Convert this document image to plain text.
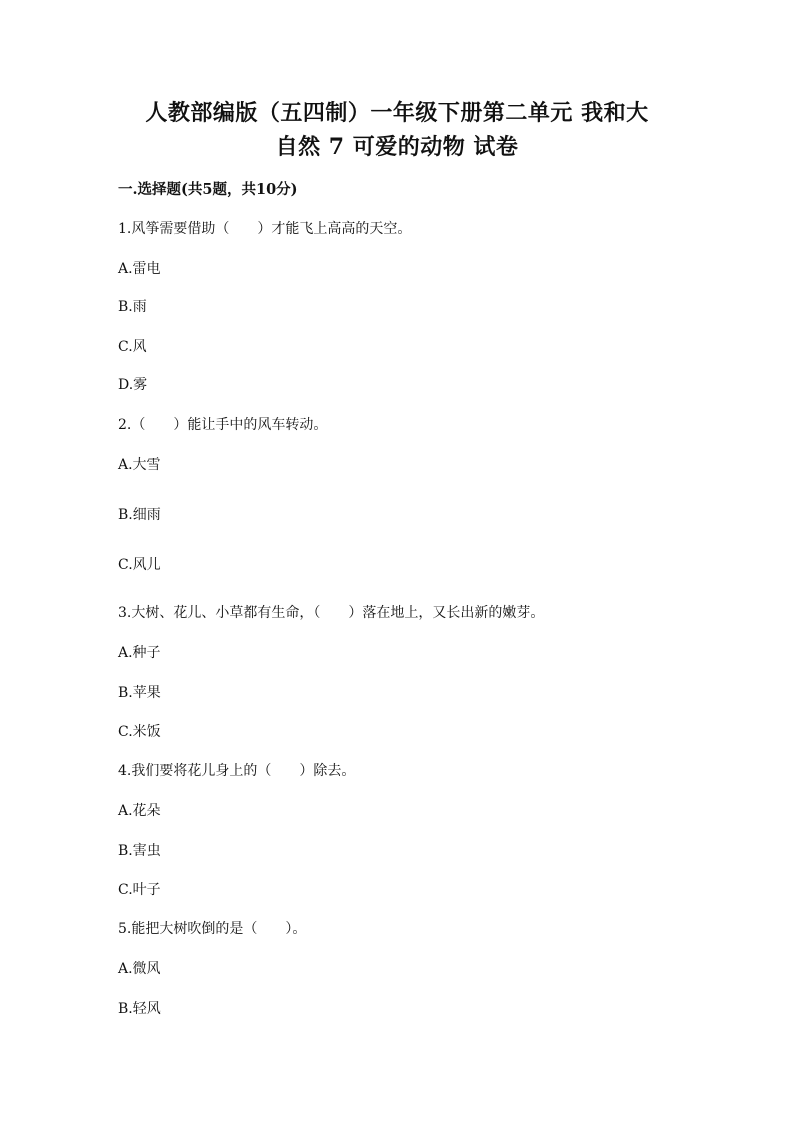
人教部编版（五四制）一年级下册第二单元 我和大
自然 7 可爱的动物 试卷
一.选择题(共5题，共10分)
1.风筝需要借助（　　）才能飞上高高的天空。
A.雷电
B.雨
C.风
D.雾
2.（　　）能让手中的风车转动。
A.大雪
B.细雨
C.风儿
3.大树、花儿、小草都有生命，（　　）落在地上，又长出新的嫩芽。
A.种子
B.苹果
C.米饭
4.我们要将花儿身上的（　　）除去。
A.花朵
B.害虫
C.叶子
5.能把大树吹倒的是（　　）。
A.微风
B.轻风
